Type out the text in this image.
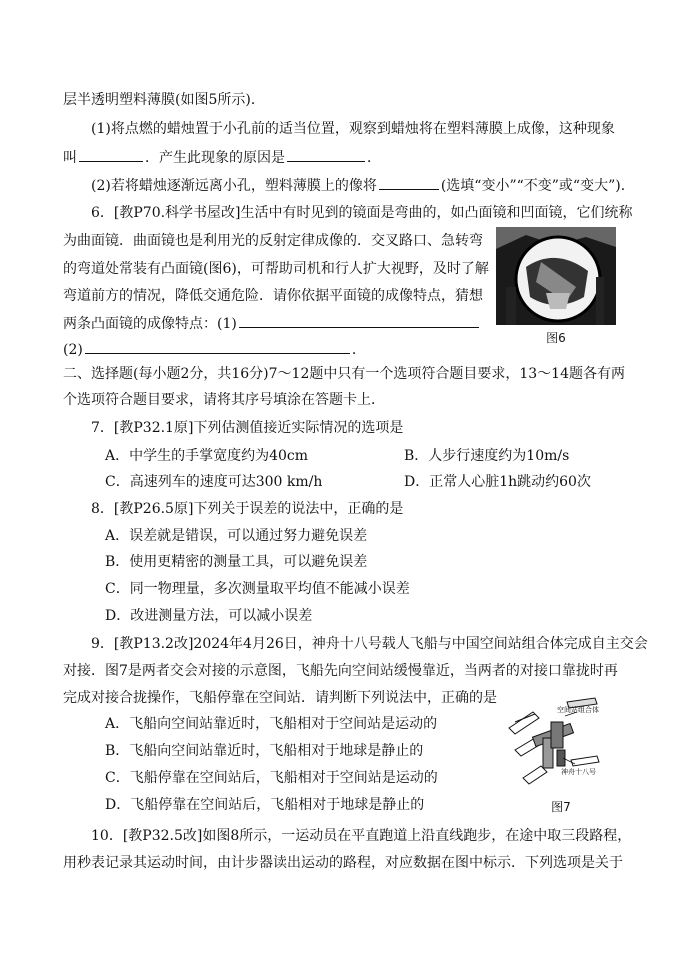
层半透明塑料薄膜(如图5所示)．
(1)将点燃的蜡烛置于小孔前的适当位置，观察到蜡烛将在塑料薄膜上成像，这种现象
叫	．产生此现象的原因是	．
(2)若将蜡烛逐渐远离小孔，塑料薄膜上的像将	(选填“变小”“不变”或“变大”)．
6．[教P70.科学书屋改]生活中有时见到的镜面是弯曲的，如凸面镜和凹面镜，它们统称
为曲面镜．曲面镜也是利用光的反射定律成像的．交叉路口、急转弯
的弯道处常装有凸面镜(图6)，可帮助司机和行人扩大视野，及时了解
弯道前方的情况，降低交通危险．请你依据平面镜的成像特点，猜想
两条凸面镜的成像特点：(1)
(2)	．
图6
二、选择题(每小题2分，共16分)7～12题中只有一个选项符合题目要求，13～14题各有两
个选项符合题目要求，请将其序号填涂在答题卡上．
7．[教P32.1原]下列估测值接近实际情况的选项是
A．中学生的手掌宽度约为40cm	B．人步行速度约为10m/s
C．高速列车的速度可达300 km/h	D．正常人心脏1h跳动约60次
8．[教P26.5原]下列关于误差的说法中，正确的是
A．误差就是错误，可以通过努力避免误差
B．使用更精密的测量工具，可以避免误差
C．同一物理量，多次测量取平均值不能减小误差
D．改进测量方法，可以减小误差
9．[教P13.2改]2024年4月26日，神舟十八号载人飞船与中国空间站组合体完成自主交会
对接．图7是两者交会对接的示意图，飞船先向空间站缓慢靠近，当两者的对接口靠拢时再
完成对接合拢操作，飞船停靠在空间站．请判断下列说法中，正确的是
A．飞船向空间站靠近时，飞船相对于空间站是运动的
B．飞船向空间站靠近时，飞船相对于地球是静止的
C．飞船停靠在空间站后，飞船相对于空间站是运动的
D．飞船停靠在空间站后，飞船相对于地球是静止的
空间站组合体
神舟十八号
图7
10．[教P32.5改]如图8所示，一运动员在平直跑道上沿直线跑步，在途中取三段路程，
用秒表记录其运动时间，由计步器读出运动的路程，对应数据在图中标示．下列选项是关于
